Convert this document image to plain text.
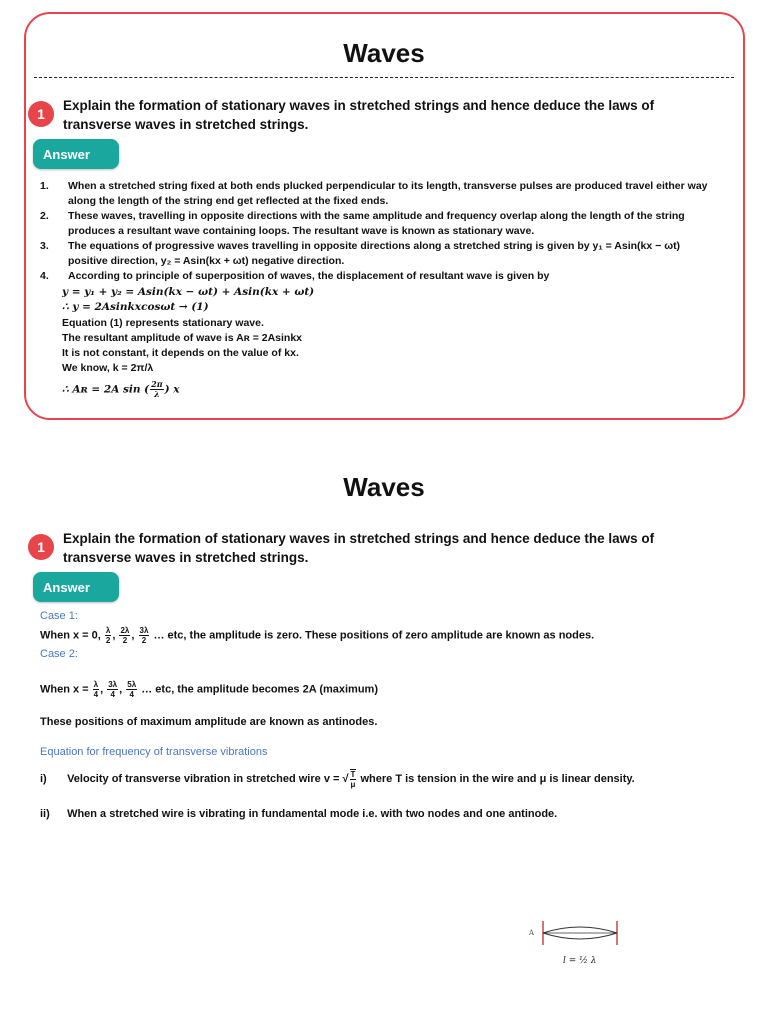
Waves
1
Explain the formation of stationary waves in stretched strings and hence deduce the laws of transverse waves in stretched strings.
Answer
1.	When a stretched string fixed at both ends plucked perpendicular to its length, transverse pulses are produced travel either way along the length of the string end get reflected at the fixed ends.
2.	These waves, travelling in opposite directions with the same amplitude and frequency overlap along the length of the string produces a resultant wave containing loops. The resultant wave is known as stationary wave.
3.	The equations of progressive waves travelling in opposite directions along a stretched string is given by y₁ = Asin(kx − ωt) positive direction, y₂ = Asin(kx + ωt) negative direction.
4.	According to principle of superposition of waves, the displacement of resultant wave is given by
y = y₁ + y₂ = Asin(kx − ωt) + Asin(kx + ωt)
∴ y = 2Asinkxcosωt → (1)
Equation (1) represents stationary wave.
The resultant amplitude of wave is Aʀ = 2Asinkx
It is not constant, it depends on the value of kx.
We know, k = 2π/λ
∴ Aʀ = 2A sin ( $\frac{2\pi}{\lambda}$ ) x
Waves
1
Explain the formation of stationary waves in stretched strings and hence deduce the laws of transverse waves in stretched strings.
Answer
Case 1:
When x = 0, $\frac{\lambda}{2}$ , $\frac{2\lambda}{2}$ , $\frac{3\lambda}{2}$ … etc, the amplitude is zero. These positions of zero amplitude are known as nodes.
Case 2:
When $x = \frac{\lambda}{4}$ , $\frac{3\lambda}{4}$ , $\frac{5\lambda}{4}$ … etc, the amplitude becomes 2A (maximum)
These positions of maximum amplitude are known as antinodes.
Equation for frequency of transverse vibrations
i) Velocity of transverse vibration in stretched wire v = √ $\frac{T}{\mu}$ where T is tension in the wire and μ is linear density.
ii) When a stretched wire is vibrating in fundamental mode i.e. with two nodes and one antinode.
A
l = ½ λ
